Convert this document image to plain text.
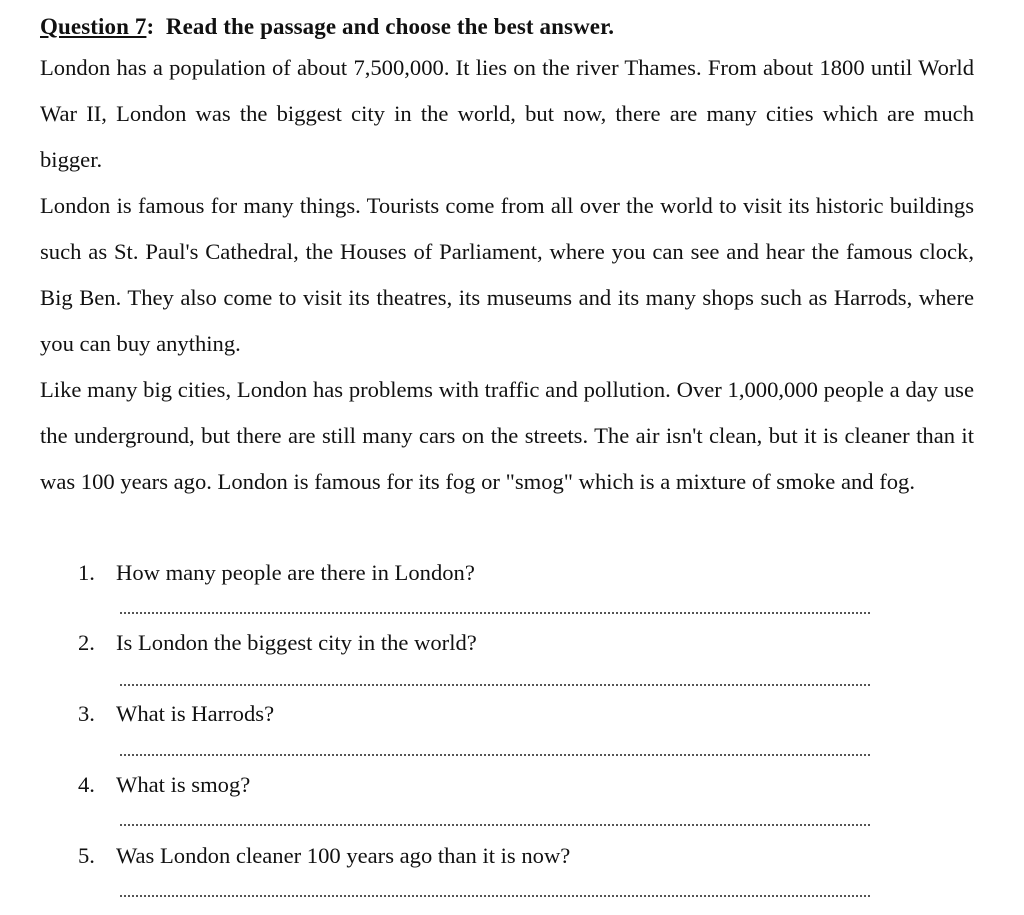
Question 7:  Read the passage and choose the best answer.

London has a population of about 7,500,000. It lies on the river Thames. From about 1800 until World War II, London was the biggest city in the world, but now, there are many cities which are much bigger.

London is famous for many things. Tourists come from all over the world to visit its historic buildings such as St. Paul's Cathedral, the Houses of Parliament, where you can see and hear the famous clock, Big Ben. They also come to visit its theatres, its museums and its many shops such as Harrods, where you can buy anything.

Like many big cities, London has problems with traffic and pollution. Over 1,000,000 people a day use the underground, but there are still many cars on the streets. The air isn't clean, but it is cleaner than it was 100 years ago. London is famous for its fog or "smog" which is a mixture of smoke and fog.

1. How many people are there in London?
2. Is London the biggest city in the world?
3. What is Harrods?
4. What is smog?
5. Was London cleaner 100 years ago than it is now?
